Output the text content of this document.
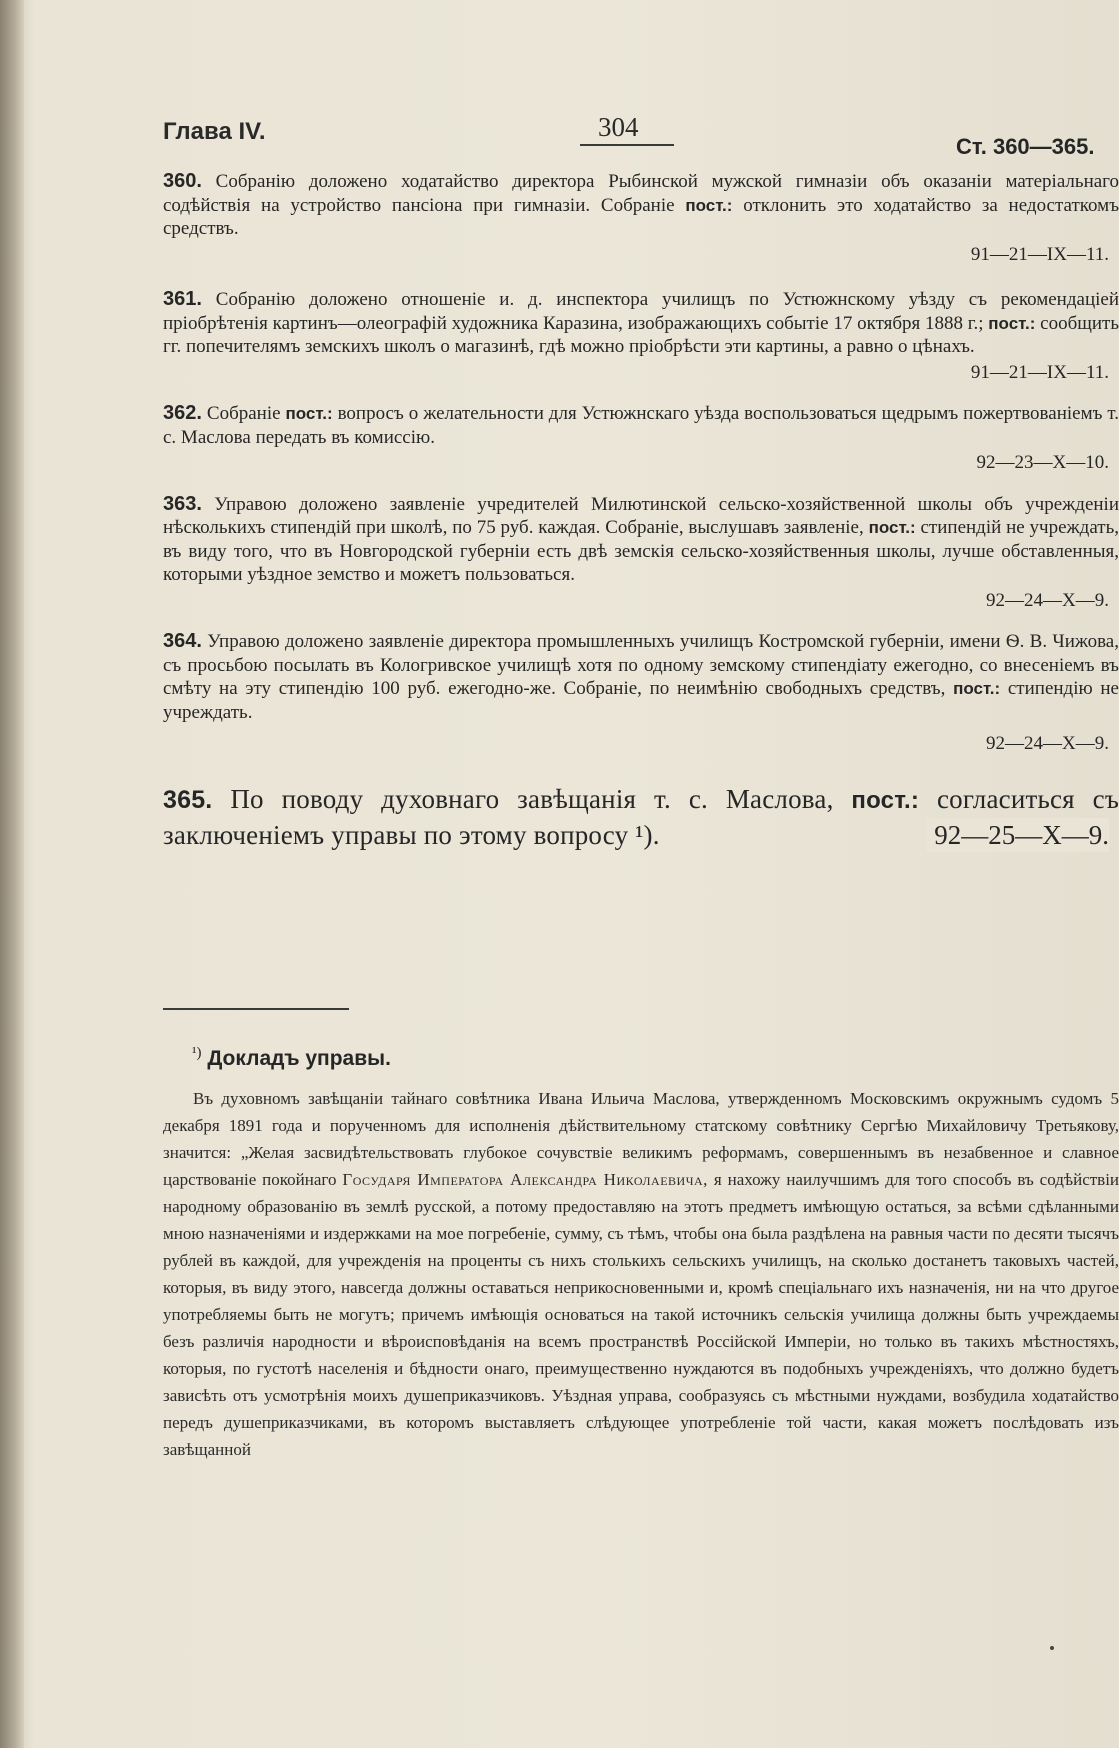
Глава IV.	304
Ст. 360—365.

360. Собранію доложено ходатайство директора Рыбинской мужской гимназіи объ оказаніи матеріальнаго содѣйствія на устройство пансіона при гимназіи. Собраніе пост.: отклонить это ходатайство за недостаткомъ средствъ.

91—21—IX—11.

361. Собранію доложено отношеніе и. д. инспектора училищъ по Устюжнскому уѣзду съ рекомендаціей пріобрѣтенія картинъ—олеографій художника Каразина, изображающихъ событіе 17 октября 1888 г.; пост.: сообщить гг. попечителямъ земскихъ школъ о магазинѣ, гдѣ можно пріобрѣсти эти картины, а равно о цѣнахъ.

91—21—IX—11.

362. Собраніе пост.: вопросъ о желательности для Устюжнскаго уѣзда воспользоваться щедрымъ пожертвованіемъ т. с. Маслова передать въ комиссію.

92—23—X—10.

363. Управою доложено заявленіе учредителей Милютинской сельско-хозяйственной школы объ учрежденіи нѣсколькихъ стипендій при школѣ, по 75 руб. каждая. Собраніе, выслушавъ заявленіе, пост.: стипендій не учреждать, въ виду того, что въ Новгородской губерніи есть двѣ земскія сельско-хозяйственныя школы, лучше обставленныя, которыми уѣздное земство и можетъ пользоваться.

92—24—X—9.

364. Управою доложено заявленіе директора промышленныхъ училищъ Костромской губерніи, имени Ѳ. В. Чижова, съ просьбою посылать въ Кологривское училищѣ хотя по одному земскому стипендіату ежегодно, со внесеніемъ въ смѣту на эту стипендію 100 руб. ежегодно-же. Собраніе, по неимѣнію свободныхъ средствъ, пост.: стипендію не учреждать.

92—24—X—9.

365. По поводу духовнаго завѣщанія т. с. Маслова, пост.: согласиться съ заключеніемъ управы по этому вопросу ¹).	92—25—X—9.
$^{^1)}$ Докладъ управы.

Въ духовномъ завѣщаніи тайнаго совѣтника Ивана Ильича Маслова, утвержденномъ Московскимъ окружнымъ судомъ 5 декабря 1891 года и порученномъ для исполненія дѣйствительному статскому совѣтнику Сергѣю Михайловичу Третьякову, значится: „Желая засвидѣтельствовать глубокое сочувствіе великимъ реформамъ, совершеннымъ въ незабвенное и славное царствованіе покойнаго Государя Императора Александра Николаевича, я нахожу наилучшимъ для того способъ въ содѣйствіи народному образованію въ землѣ русской, а потому предоставляю на этотъ предметъ имѣющую остаться, за всѣми сдѣланными мною назначеніями и издержками на мое погребеніе, сумму, съ тѣмъ, чтобы она была раздѣлена на равныя части по десяти тысячъ рублей въ каждой, для учрежденія на проценты съ нихъ столькихъ сельскихъ училищъ, на сколько достанетъ таковыхъ частей, которыя, въ виду этого, навсегда должны оставаться неприкосновенными и, кромѣ спеціальнаго ихъ назначенія, ни на что другое употребляемы быть не могутъ; причемъ имѣющія основаться на такой источникъ сельскія училища должны быть учреждаемы безъ различія народности и вѣроисповѣданія на всемъ пространствѣ Россійской Имперіи, но только въ такихъ мѣстностяхъ, которыя, по густотѣ населенія и бѣдности онаго, преимущественно нуждаются въ подобныхъ учрежденіяхъ, что должно будетъ зависѣть отъ усмотрѣнія моихъ душеприказчиковъ. Уѣздная управа, сообразуясь съ мѣстными нуждами, возбудила ходатайство передъ душеприказчиками, въ которомъ выставляетъ слѣдующее употребленіе той части, какая можетъ послѣдовать изъ завѣщанной
